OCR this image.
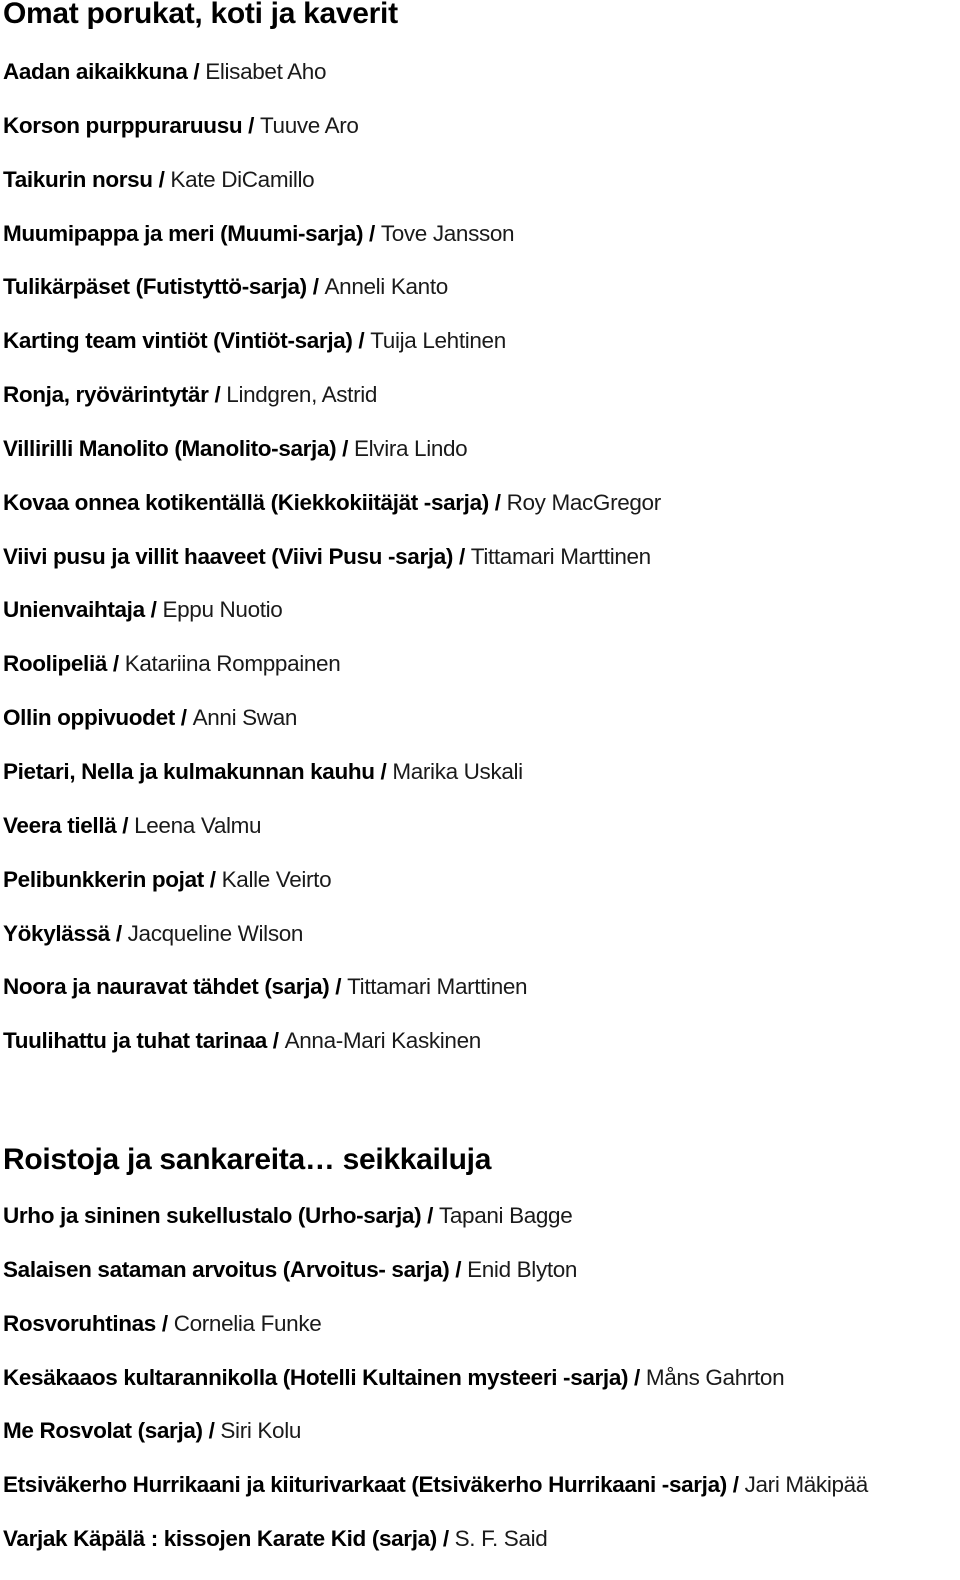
Omat porukat, koti ja kaverit
Aadan aikaikkuna / Elisabet Aho
Korson purppuraruusu / Tuuve Aro
Taikurin norsu / Kate DiCamillo
Muumipappa ja meri (Muumi-sarja) / Tove Jansson
Tulikärpäset (Futistyttö-sarja) / Anneli Kanto
Karting team vintiöt (Vintiöt-sarja) / Tuija Lehtinen
Ronja, ryövärintytär / Lindgren, Astrid
Villirilli Manolito (Manolito-sarja) / Elvira Lindo
Kovaa onnea kotikentällä (Kiekkokiitäjät -sarja) / Roy MacGregor
Viivi pusu ja villit haaveet (Viivi Pusu -sarja) / Tittamari Marttinen
Unienvaihtaja / Eppu Nuotio
Roolipeliä / Katariina Romppainen
Ollin oppivuodet / Anni Swan
Pietari, Nella ja kulmakunnan kauhu / Marika Uskali
Veera tiellä / Leena Valmu
Pelibunkkerin pojat / Kalle Veirto
Yökylässä / Jacqueline Wilson
Noora ja nauravat tähdet (sarja) / Tittamari Marttinen
Tuulihattu ja tuhat tarinaa / Anna-Mari Kaskinen
Roistoja ja sankareita… seikkailuja
Urho ja sininen sukellustalo (Urho-sarja) / Tapani Bagge
Salaisen sataman arvoitus (Arvoitus- sarja) / Enid Blyton
Rosvoruhtinas / Cornelia Funke
Kesäkaaos kultarannikolla (Hotelli Kultainen mysteeri -sarja) / Måns Gahrton
Me Rosvolat (sarja) / Siri Kolu
Etsiväkerho Hurrikaani ja kiiturivarkaat (Etsiväkerho Hurrikaani -sarja) / Jari Mäkipää
Varjak Käpälä : kissojen Karate Kid (sarja) / S. F. Said
